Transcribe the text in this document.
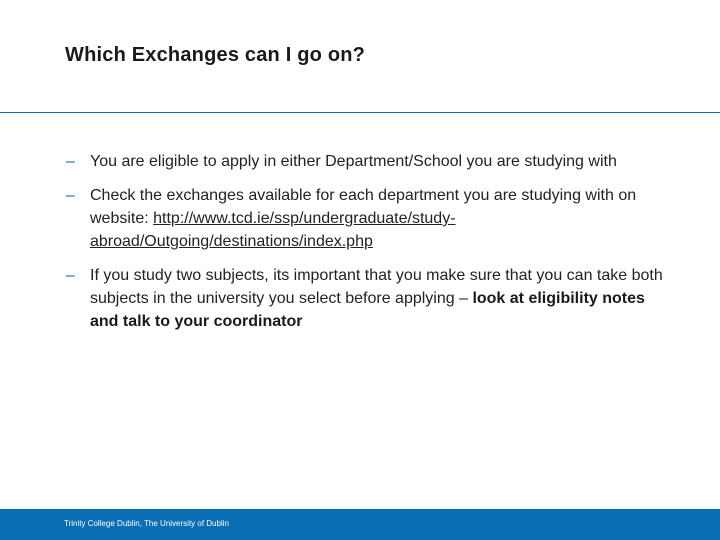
Which Exchanges can I go on?
– You are eligible to apply in either Department/School you are studying with
– Check the exchanges available for each department you are studying with on website: http://www.tcd.ie/ssp/undergraduate/study-abroad/Outgoing/destinations/index.php
– If you study two subjects, its important that you make sure that you can take both subjects in the university you select before applying – look at eligibility notes and talk to your coordinator
Trinity College Dublin, The University of Dublin
